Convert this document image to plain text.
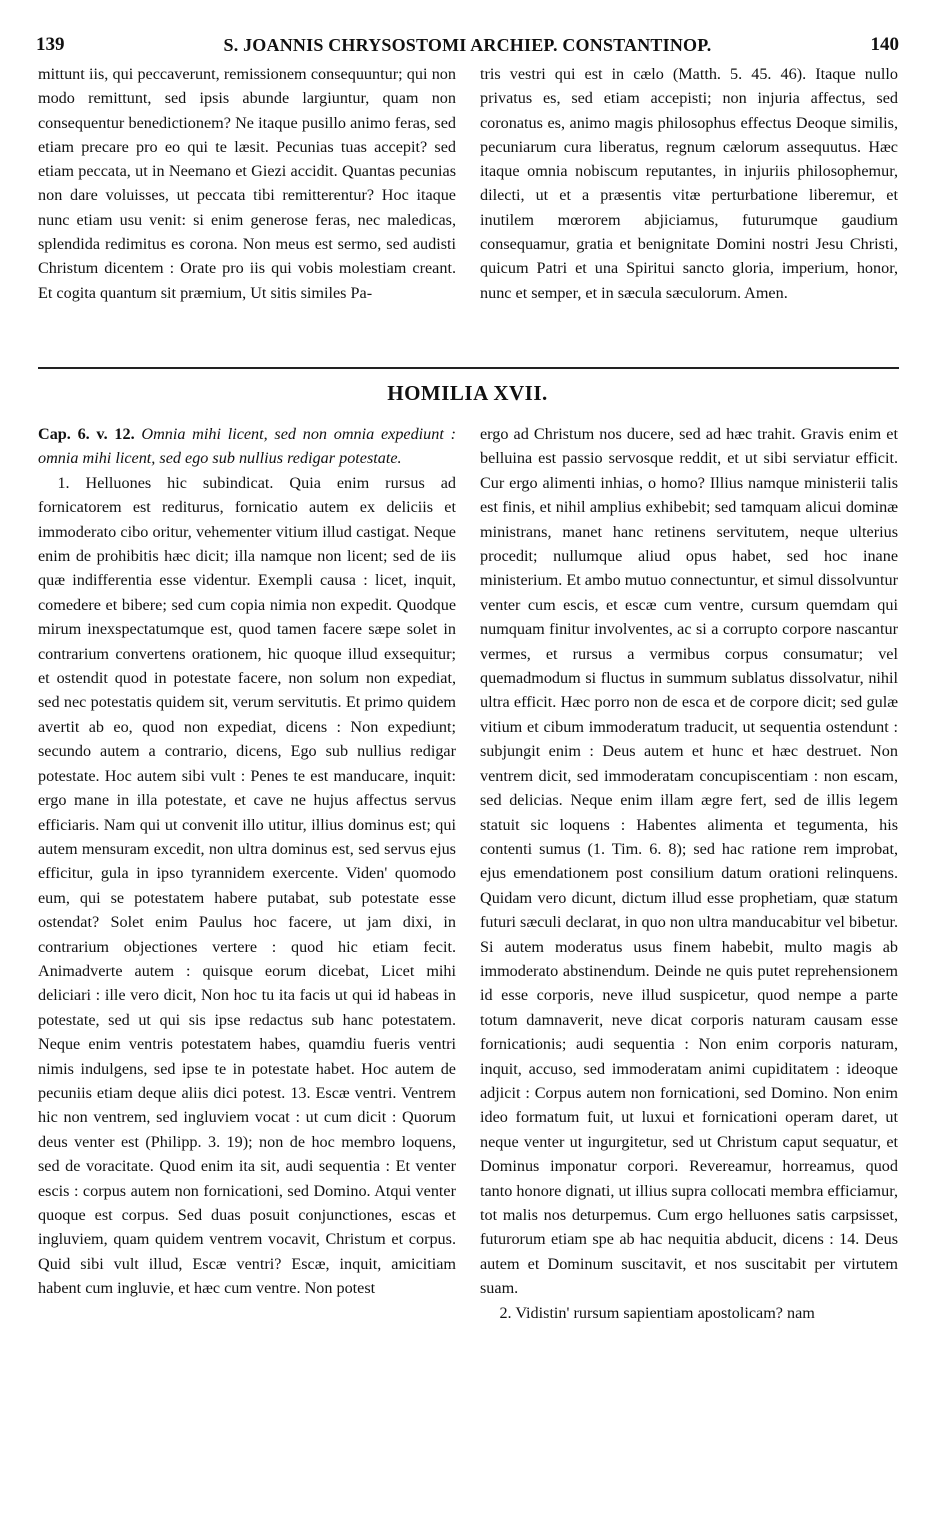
139	S. JOANNIS CHRYSOSTOMI ARCHIEP. CONSTANTINOP.	140

mittunt iis, qui peccaverunt, remissionem consequuntur; qui non modo remittunt, sed ipsis abunde largiuntur, quam non consequentur benedictionem? Ne itaque pusillo animo feras, sed etiam precare pro eo qui te læsit. Pecunias tuas accepit? sed etiam peccata, ut in Neemano et Giezi accidit. Quantas pecunias non dare voluisses, ut peccata tibi remitterentur? Hoc itaque nunc etiam usu venit: si enim generose feras, nec maledicas, splendida redimitus es corona. Non meus est sermo, sed audisti Christum dicentem : Orate pro iis qui vobis molestiam creant. Et cogita quantum sit præmium, Ut sitis similes Pa-

tris vestri qui est in cælo (Matth. 5. 45. 46). Itaque nullo privatus es, sed etiam accepisti; non injuria affectus, sed coronatus es, animo magis philosophus effectus Deoque similis, pecuniarum cura liberatus, regnum cælorum assequutus. Hæc itaque omnia nobiscum reputantes, in injuriis philosophemur, dilecti, ut et a præsentis vitæ perturbatione liberemur, et inutilem mœrorem abjiciamus, futurumque gaudium consequamur, gratia et benignitate Domini nostri Jesu Christi, quicum Patri et una Spiritui sancto gloria, imperium, honor, nunc et semper, et in sæcula sæculorum. Amen.

HOMILIA XVII.

Cap. 6. v. 12. Omnia mihi licent, sed non omnia expediunt : omnia mihi licent, sed ego sub nullius redigar potestate.

1. Helluones hic subindicat. Quia enim rursus ad fornicatorem est rediturus, fornicatio autem ex deliciis et immoderato cibo oritur, vehementer vitium illud castigat. Neque enim de prohibitis hæc dicit; illa namque non licent; sed de iis quæ indifferentia esse videntur. Exempli causa : licet, inquit, comedere et bibere; sed cum copia nimia non expedit. Quodque mirum inexspectatumque est, quod tamen facere sæpe solet in contrarium convertens orationem, hic quoque illud exsequitur; et ostendit quod in potestate facere, non solum non expediat, sed nec potestatis quidem sit, verum servitutis. Et primo quidem avertit ab eo, quod non expediat, dicens : Non expediunt; secundo autem a contrario, dicens, Ego sub nullius redigar potestate. Hoc autem sibi vult : Penes te est manducare, inquit: ergo mane in illa potestate, et cave ne hujus affectus servus efficiaris. Nam qui ut convenit illo utitur, illius dominus est; qui autem mensuram excedit, non ultra dominus est, sed servus ejus efficitur, gula in ipso tyrannidem exercente. Viden' quomodo eum, qui se potestatem habere putabat, sub potestate esse ostendat? Solet enim Paulus hoc facere, ut jam dixi, in contrarium objectiones vertere : quod hic etiam fecit. Animadverte autem : quisque eorum dicebat, Licet mihi deliciari : ille vero dicit, Non hoc tu ita facis ut qui id habeas in potestate, sed ut qui sis ipse redactus sub hanc potestatem. Neque enim ventris potestatem habes, quamdiu fueris ventri nimis indulgens, sed ipse te in potestate habet. Hoc autem de pecuniis etiam deque aliis dici potest. 13. Escæ ventri. Ventrem hic non ventrem, sed ingluviem vocat : ut cum dicit : Quorum deus venter est (Philipp. 3. 19); non de hoc membro loquens, sed de voracitate. Quod enim ita sit, audi sequentia : Et venter escis : corpus autem non fornicationi, sed Domino. Atqui venter quoque est corpus. Sed duas posuit conjunctiones, escas et ingluviem, quam quidem ventrem vocavit, Christum et corpus. Quid sibi vult illud, Escæ ventri? Escæ, inquit, amicitiam habent cum ingluvie, et hæc cum ventre. Non potest

ergo ad Christum nos ducere, sed ad hæc trahit. Gravis enim et belluina est passio servosque reddit, et ut sibi serviatur efficit. Cur ergo alimenti inhias, o homo? Illius namque ministerii talis est finis, et nihil amplius exhibebit; sed tamquam alicui dominæ ministrans, manet hanc retinens servitutem, neque ulterius procedit; nullumque aliud opus habet, sed hoc inane ministerium. Et ambo mutuo connectuntur, et simul dissolvuntur venter cum escis, et escæ cum ventre, cursum quemdam qui numquam finitur involventes, ac si a corrupto corpore nascantur vermes, et rursus a vermibus corpus consumatur; vel quemadmodum si fluctus in summum sublatus dissolvatur, nihil ultra efficit. Hæc porro non de esca et de corpore dicit; sed gulæ vitium et cibum immoderatum traducit, ut sequentia ostendunt : subjungit enim : Deus autem et hunc et hæc destruet. Non ventrem dicit, sed immoderatam concupiscentiam : non escam, sed delicias. Neque enim illam ægre fert, sed de illis legem statuit sic loquens : Habentes alimenta et tegumenta, his contenti sumus (1. Tim. 6. 8); sed hac ratione rem improbat, ejus emendationem post consilium datum orationi relinquens. Quidam vero dicunt, dictum illud esse prophetiam, quæ statum futuri sæculi declarat, in quo non ultra manducabitur vel bibetur. Si autem moderatus usus finem habebit, multo magis ab immoderato abstinendum. Deinde ne quis putet reprehensionem id esse corporis, neve illud suspicetur, quod nempe a parte totum damnaverit, neve dicat corporis naturam causam esse fornicationis; audi sequentia : Non enim corporis naturam, inquit, accuso, sed immoderatam animi cupiditatem : ideoque adjicit : Corpus autem non fornicationi, sed Domino. Non enim ideo formatum fuit, ut luxui et fornicationi operam daret, ut neque venter ut ingurgitetur, sed ut Christum caput sequatur, et Dominus imponatur corpori. Revereamur, horreamus, quod tanto honore dignati, ut illius supra collocati membra efficiamur, tot malis nos deturpemus. Cum ergo helluones satis carpsisset, futurorum etiam spe ab hac nequitia abducit, dicens : 14. Deus autem et Dominum suscitavit, et nos suscitabit per virtutem suam.

2. Vidistin' rursum sapientiam apostolicam? nam
